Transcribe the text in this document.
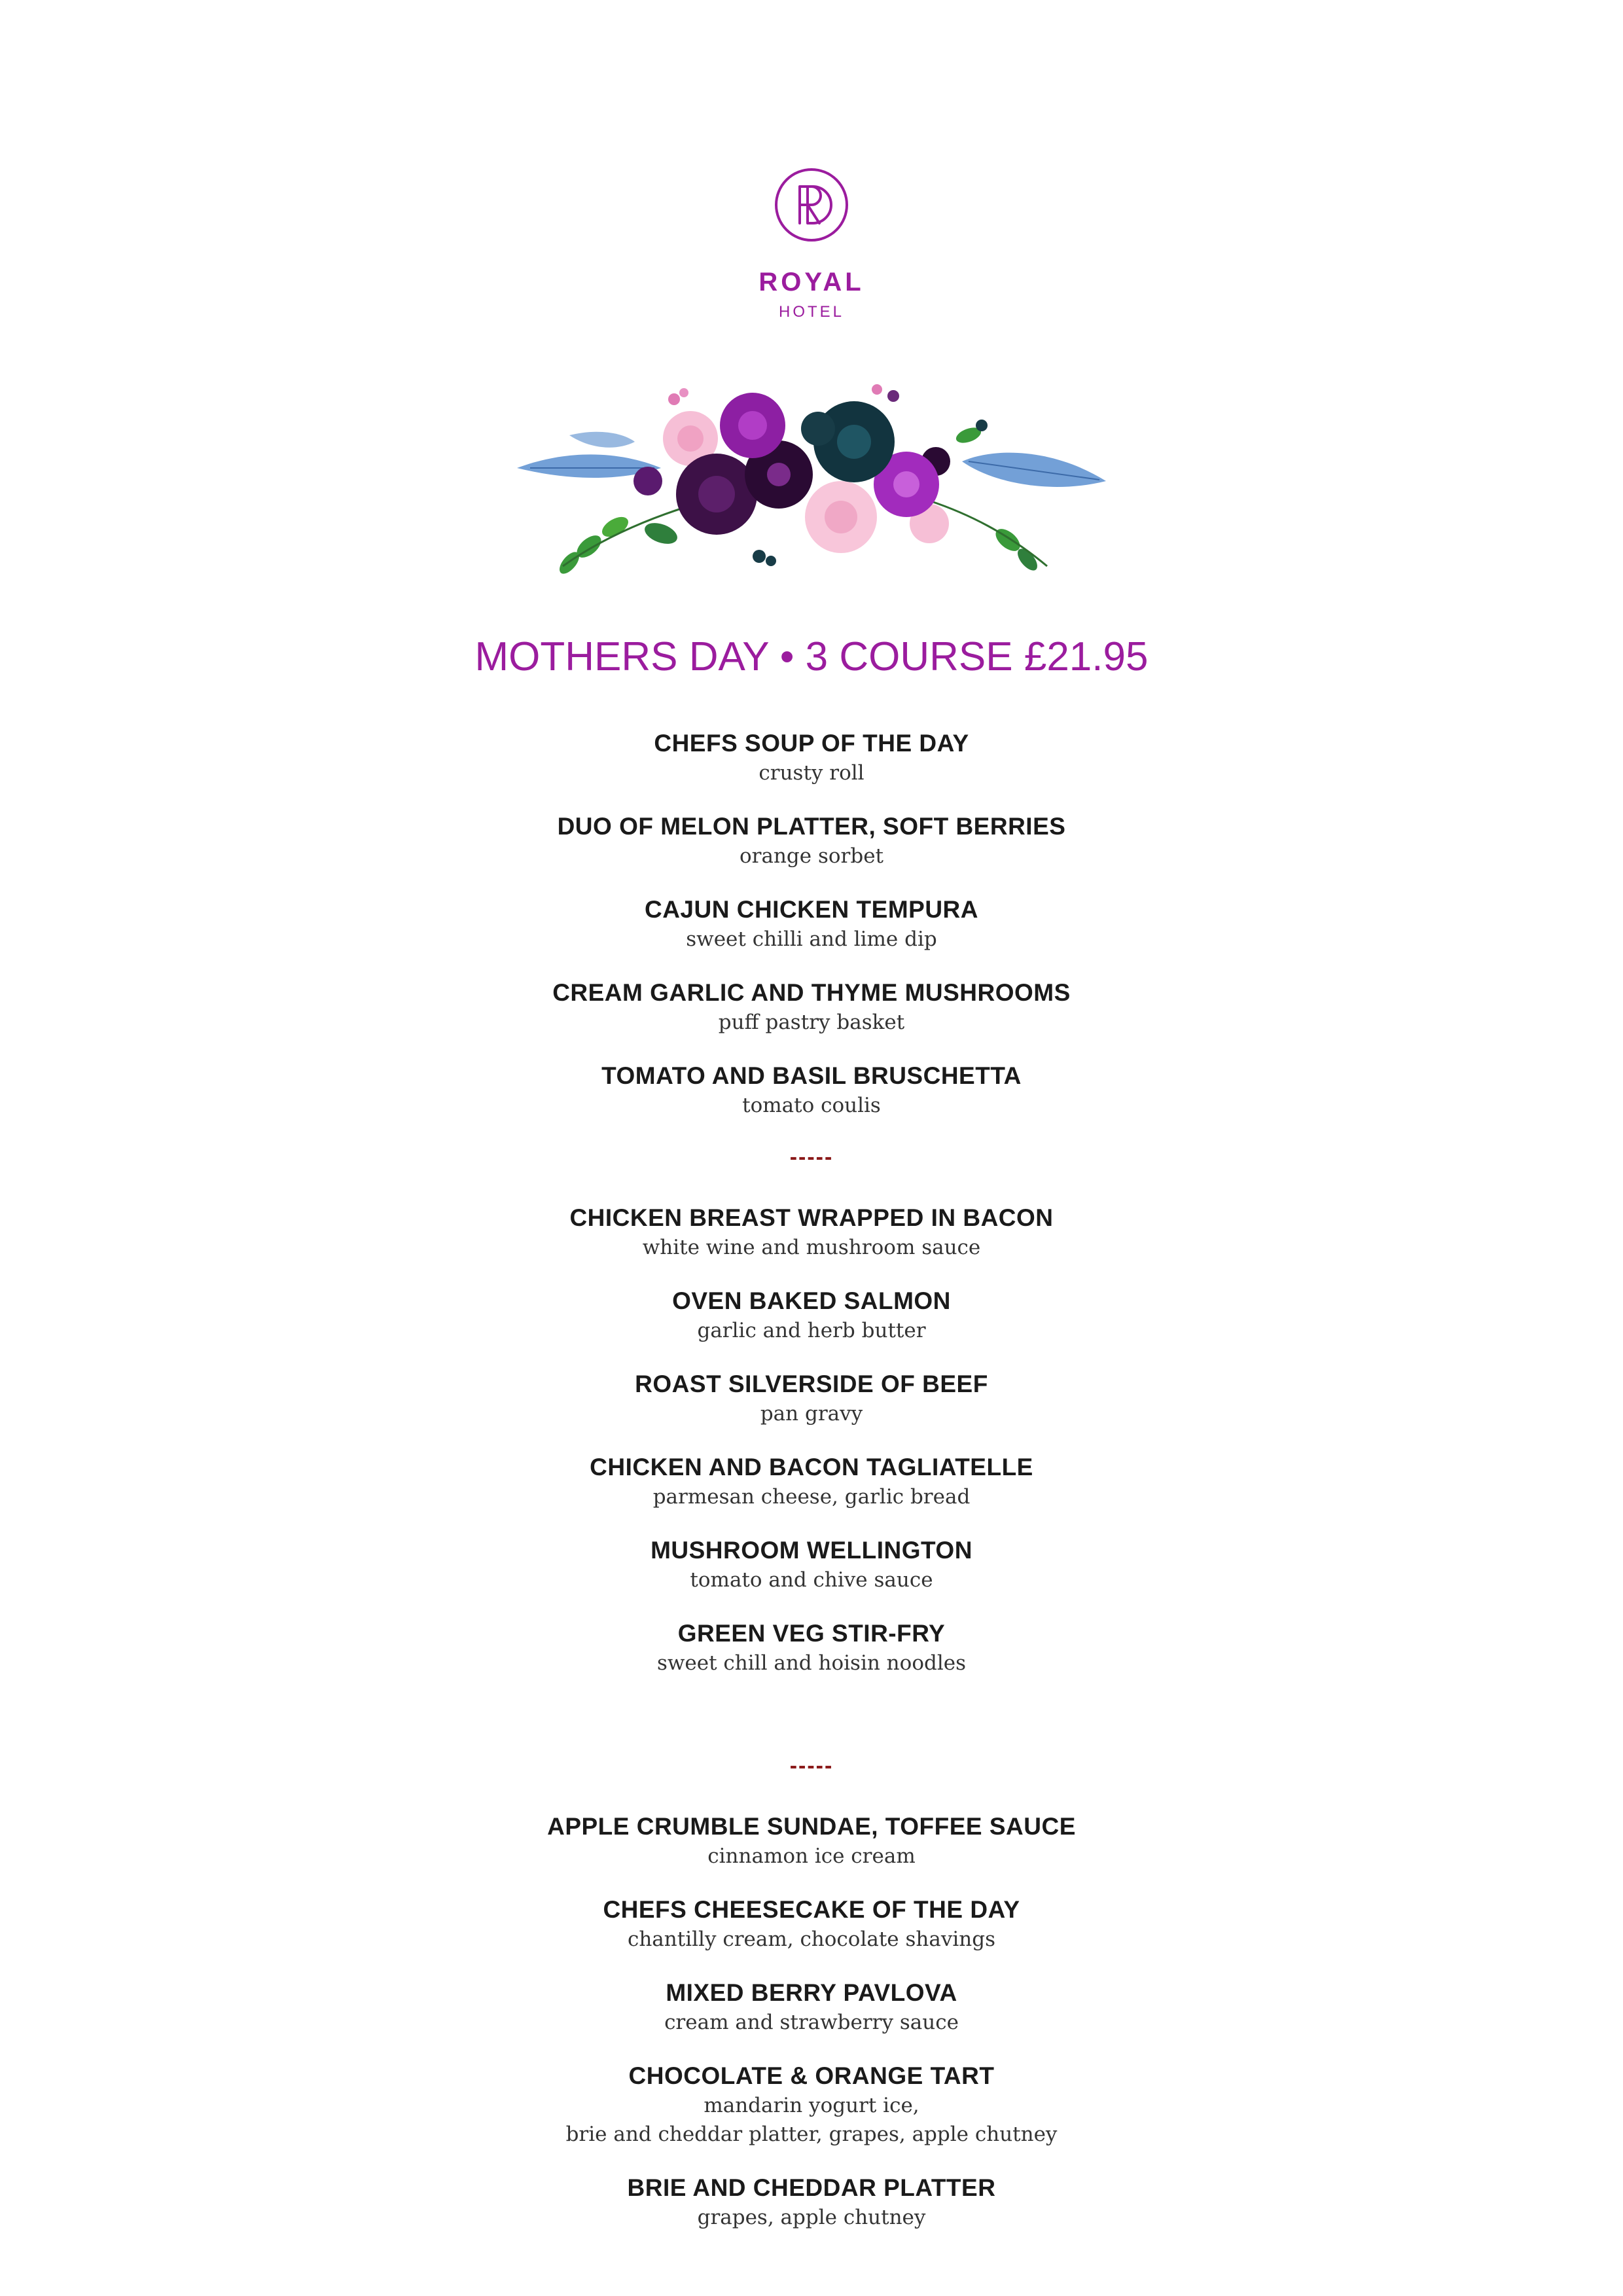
ROYAL
HOTEL
MOTHERS DAY • 3 COURSE £21.95
CHEFS SOUP OF THE DAY
crusty roll
DUO OF MELON PLATTER, SOFT BERRIES
orange sorbet
CAJUN CHICKEN TEMPURA
sweet chilli and lime dip
CREAM GARLIC AND THYME MUSHROOMS
puff pastry basket
TOMATO AND BASIL BRUSCHETTA
tomato coulis
-----
CHICKEN BREAST WRAPPED IN BACON
white wine and mushroom sauce
OVEN BAKED SALMON
garlic and herb butter
ROAST SILVERSIDE OF BEEF
pan gravy
CHICKEN AND BACON TAGLIATELLE
parmesan cheese, garlic bread
MUSHROOM WELLINGTON
tomato and chive sauce
GREEN VEG STIR-FRY
sweet chill and hoisin noodles
-----
APPLE CRUMBLE SUNDAE, TOFFEE SAUCE
cinnamon ice cream
CHEFS CHEESECAKE OF THE DAY
chantilly cream, chocolate shavings
MIXED BERRY PAVLOVA
cream and strawberry sauce
CHOCOLATE & ORANGE TART
mandarin yogurt ice,
brie and cheddar platter, grapes, apple chutney
BRIE AND CHEDDAR PLATTER
grapes, apple chutney
